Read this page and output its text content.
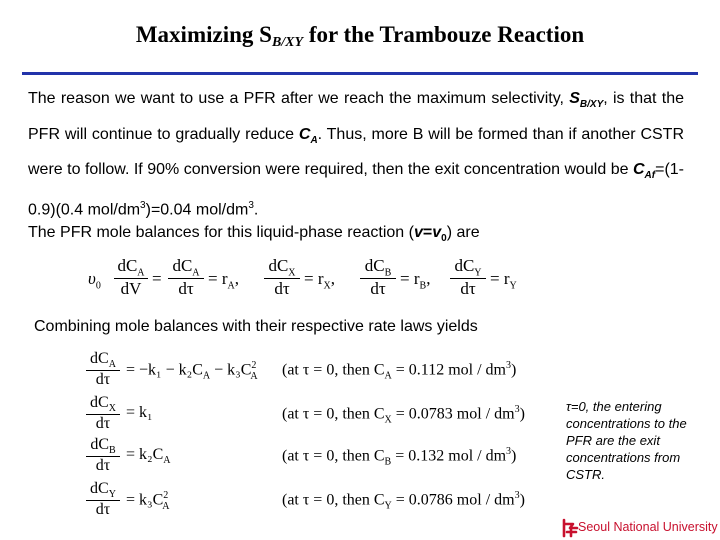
Maximizing $S_{B/XY}$ for the Trambouze Reaction
The reason we want to use a PFR after we reach the maximum selectivity, $S_{B/XY}$, is that the PFR will continue to gradually reduce $C_A$. Thus, more B will be formed than if another CSTR were to follow. If 90% conversion were required, then the exit concentration would be $C_{Af}=(1-0.9)(0.4$ mol/$dm^3)=0.04$ mol/$dm^3$.
The PFR mole balances for this liquid-phase reaction $(v=v_0)$ are
$\upsilon_0$
$dC_A$
dV
=
$dC_A$
dτ
= $r_A$,
$dC_X$
dτ
= $r_X$,
$dC_B$
dτ
= $r_B$,
$dC_Y$
dτ
= $r_Y$
Combining mole balances with their respective rate laws yields
$dC_A$
dτ
= $-k_1 - k_2C_A - k_3C^2_A$ (at τ = 0, then $C_A = 0.112$ mol / $dm^3$)
$dC_X$
dτ
= k₁	(at τ = 0, then $C_X = 0.0783$ mol / $dm^3$)
$dC_B$
dτ
= $k_2C_A$	(at τ = 0, then $C_B = 0.132$ mol / $dm^3$)
$dC_Y$
dτ
= $k_3C^2_A$	(at τ = 0, then $C_Y = 0.0786$ mol / $dm^3$)
τ=0, the entering concentrations to the PFR are the exit concentrations from CSTR.
Seoul National University
